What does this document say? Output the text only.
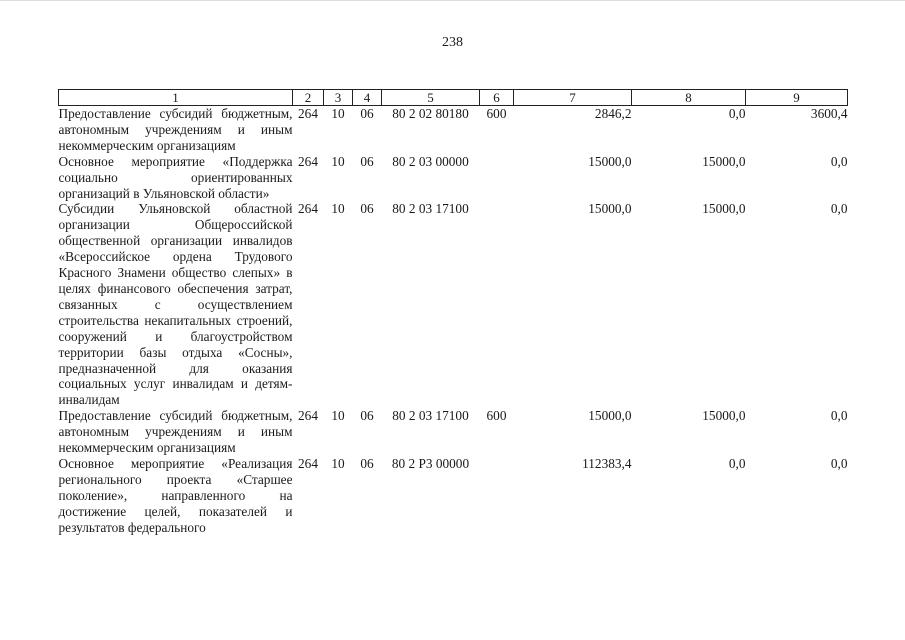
238
1	2	3	4	5	6	7	8	9
Предоставление субсидий бюджетным, автономным учреждениям и иным некоммерческим организациям	264	10	06	80 2 02 80180	600	2846,2	0,0	3600,4
Основное мероприятие «Поддержка социально ориентированных организаций в Ульяновской области»	264	10	06	80 2 03 00000		15000,0	15000,0	0,0
Субсидии Ульяновской областной организации Общероссийской общественной организации инвалидов «Всероссийское ордена Трудового Красного Знамени общество слепых» в целях финансового обеспечения затрат, связанных с осуществлением строительства некапитальных строений, сооружений и благоустройством территории базы отдыха «Сосны», предназначенной для оказания социальных услуг инвалидам и детям-инвалидам	264	10	06	80 2 03 17100		15000,0	15000,0	0,0
Предоставление субсидий бюджетным, автономным учреждениям и иным некоммерческим организациям	264	10	06	80 2 03 17100	600	15000,0	15000,0	0,0
Основное мероприятие «Реализация регионального проекта «Старшее поколение», направленного на достижение целей, показателей и результатов федерального	264	10	06	80 2 P3 00000		112383,4	0,0	0,0
